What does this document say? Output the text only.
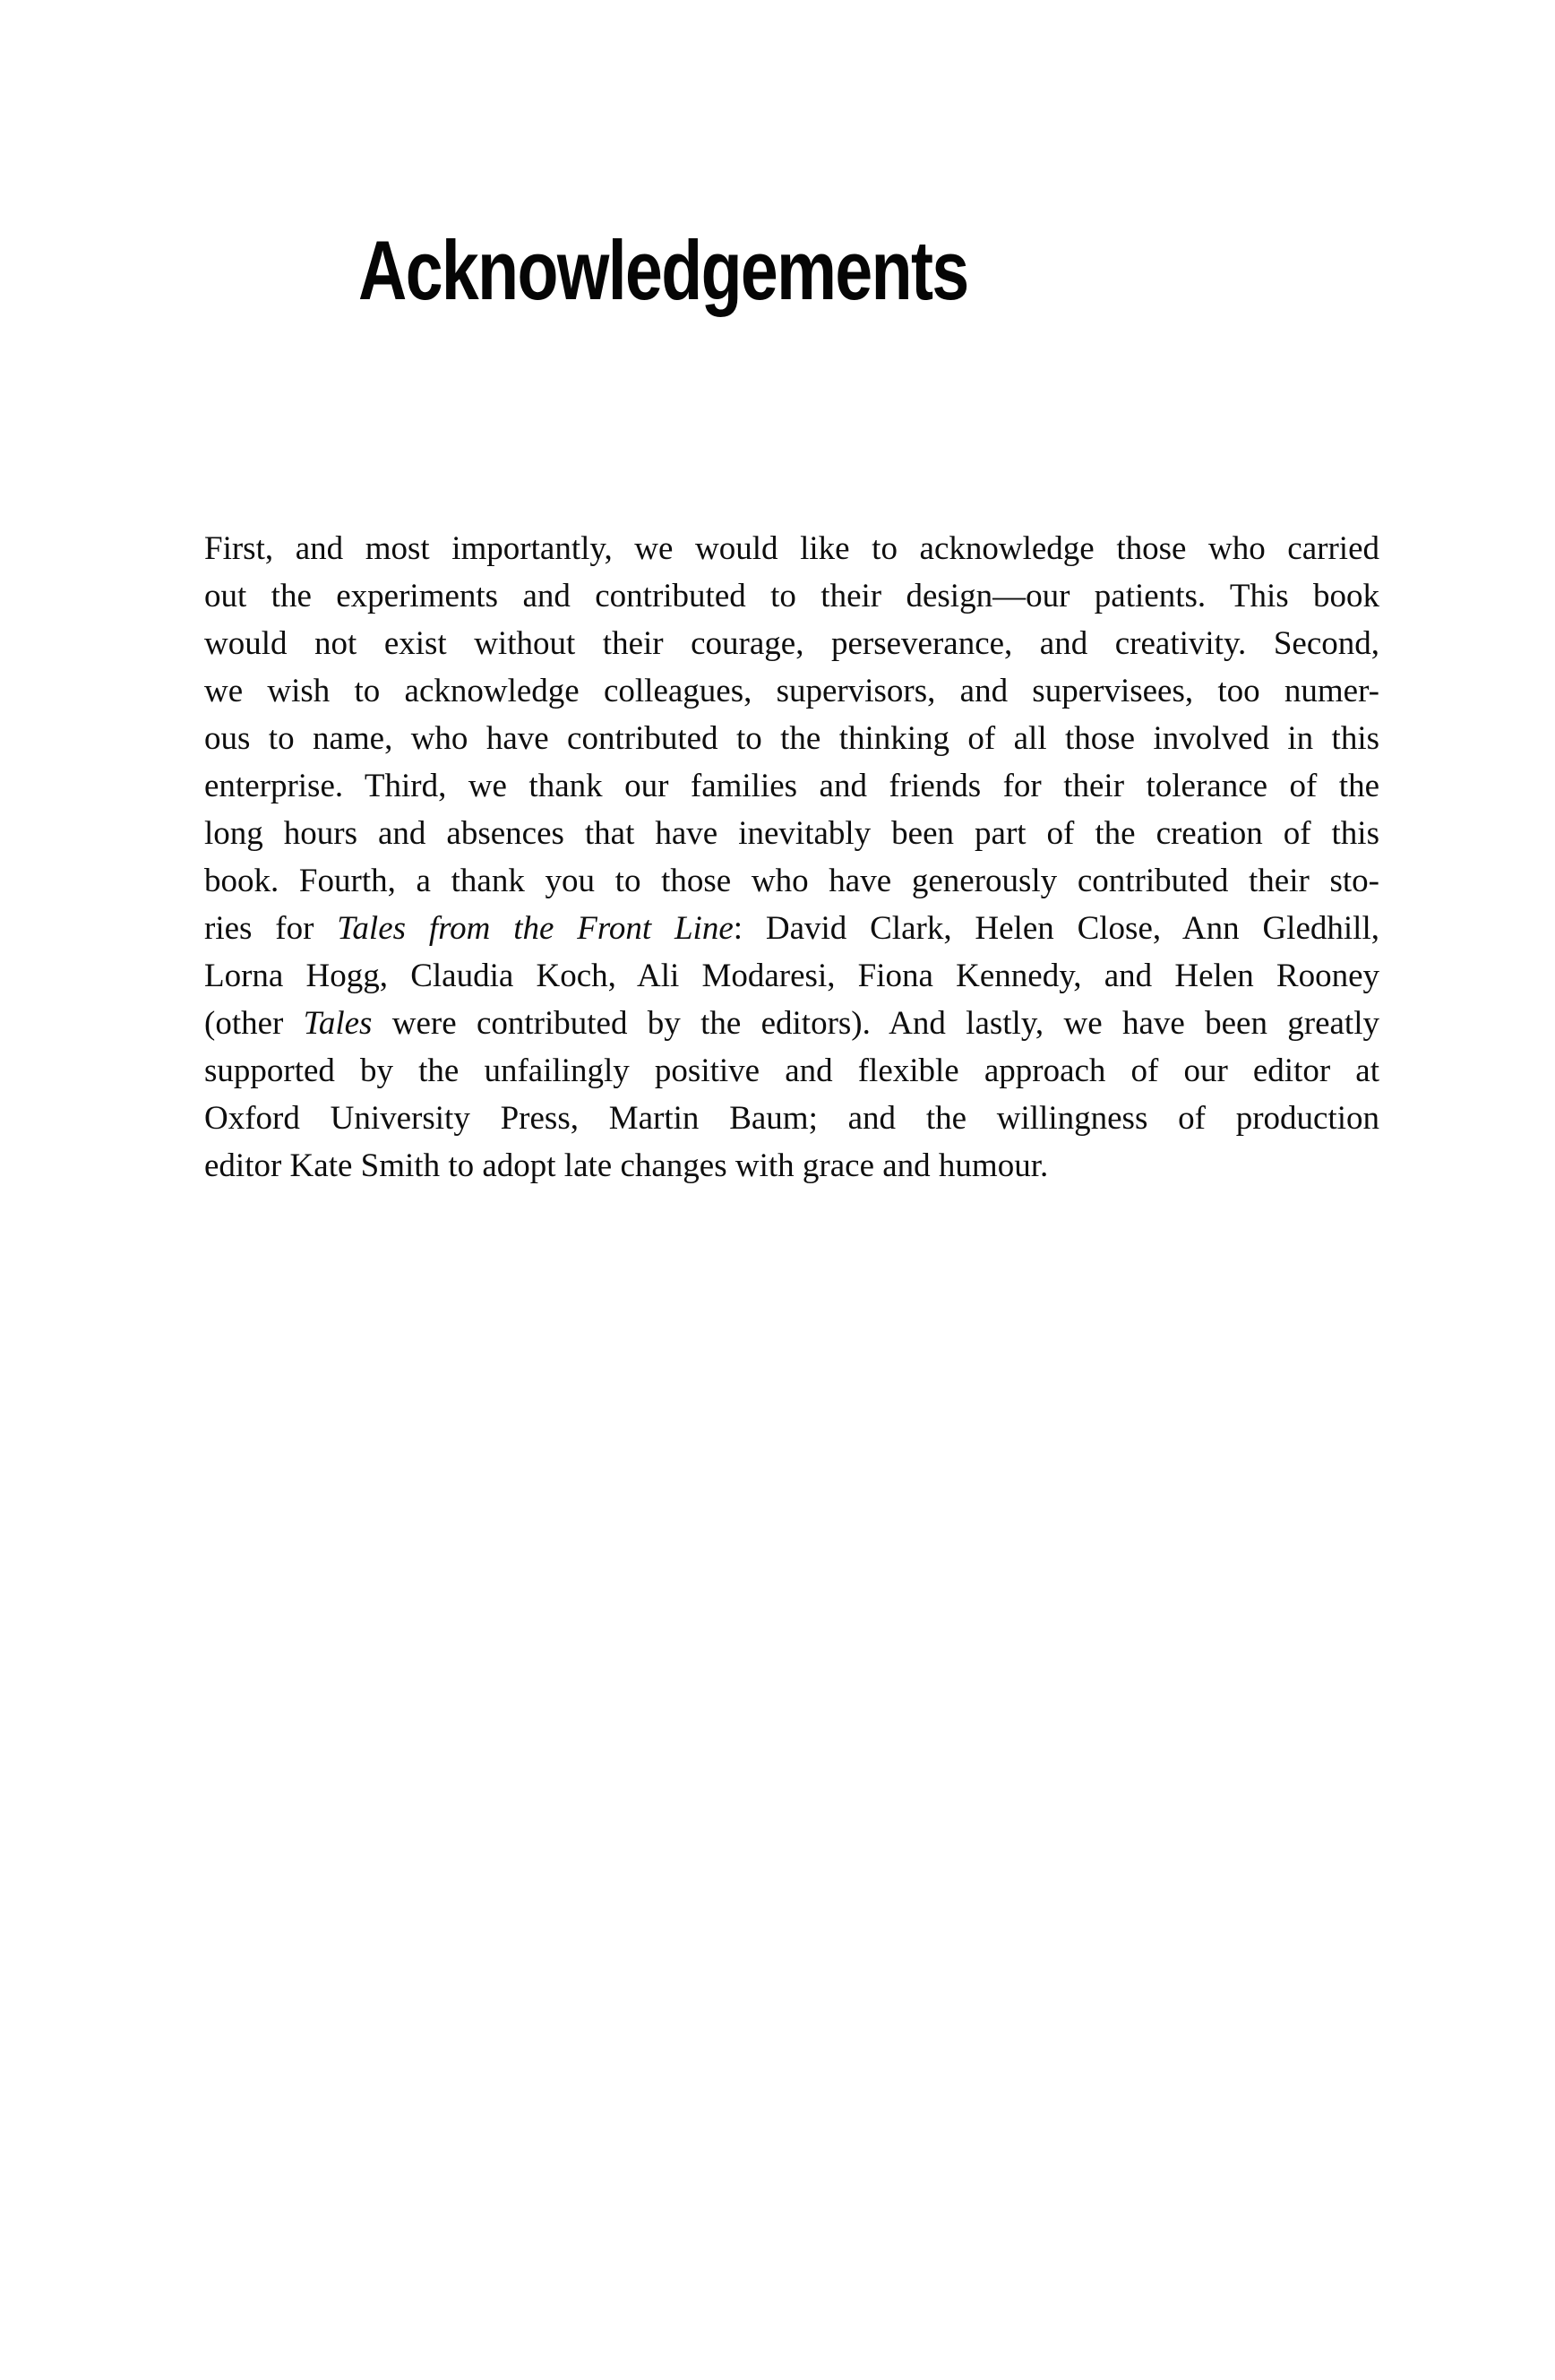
Acknowledgements
First, and most importantly, we would like to acknowledge those who carried
out the experiments and contributed to their design—our patients. This book
would not exist without their courage, perseverance, and creativity. Second,
we wish to acknowledge colleagues, supervisors, and supervisees, too numer-
ous to name, who have contributed to the thinking of all those involved in this
enterprise. Third, we thank our families and friends for their tolerance of the
long hours and absences that have inevitably been part of the creation of this
book. Fourth, a thank you to those who have generously contributed their sto-
ries for Tales from the Front Line: David Clark, Helen Close, Ann Gledhill,
Lorna Hogg, Claudia Koch, Ali Modaresi, Fiona Kennedy, and Helen Rooney
(other Tales were contributed by the editors). And lastly, we have been greatly
supported by the unfailingly positive and flexible approach of our editor at
Oxford University Press, Martin Baum; and the willingness of production
editor Kate Smith to adopt late changes with grace and humour.
